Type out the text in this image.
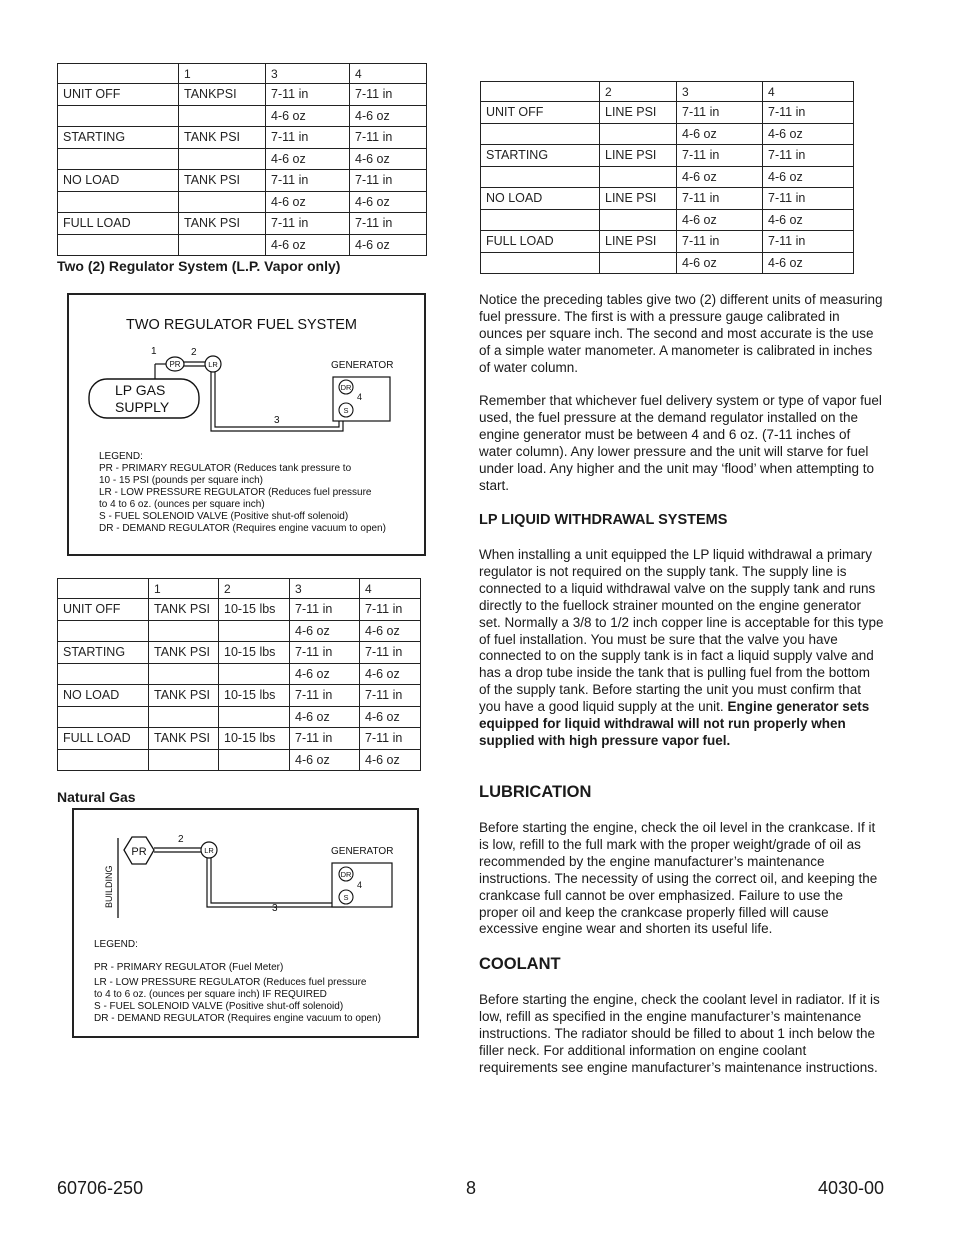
	1	3	4
UNIT OFF	TANKPSI	7-11 in	7-11 in
		4-6 oz	4-6 oz
STARTING	TANK PSI	7-11 in	7-11 in
		4-6 oz	4-6 oz
NO LOAD	TANK PSI	7-11 in	7-11 in
		4-6 oz	4-6 oz
FULL LOAD	TANK PSI	7-11 in	7-11 in
		4-6 oz	4-6 oz
Two (2) Regulator System (L.P. Vapor only)
TWO REGULATOR FUEL SYSTEM
1	2
3
PR	LR
LP GAS
SUPPLY
GENERATOR
DR
S
4
LEGEND:
PR - PRIMARY REGULATOR (Reduces tank pressure to
10 - 15 PSI (pounds per square inch)
LR - LOW PRESSURE REGULATOR (Reduces fuel pressure
to 4 to 6 oz. (ounces per square inch)
S - FUEL SOLENOID VALVE (Positive shut-off solenoid)
DR - DEMAND REGULATOR (Requires engine vacuum to open)
	1	2	3	4
UNIT OFF	TANK PSI	10-15 lbs	7-11 in	7-11 in
			4-6 oz	4-6 oz
STARTING	TANK PSI	10-15 lbs	7-11 in	7-11 in
			4-6 oz	4-6 oz
NO LOAD	TANK PSI	10-15 lbs	7-11 in	7-11 in
			4-6 oz	4-6 oz
FULL LOAD	TANK PSI	10-15 lbs	7-11 in	7-11 in
			4-6 oz	4-6 oz
Natural Gas
BUILDING
PR
2
3
LR	GENERATOR
DR
S
4
LEGEND:
PR - PRIMARY REGULATOR (Fuel Meter)
LR - LOW PRESSURE REGULATOR (Reduces fuel pressure
to 4 to 6 oz. (ounces per square inch) IF REQUIRED
S - FUEL SOLENOID VALVE (Positive shut-off solenoid)
DR - DEMAND REGULATOR (Requires engine vacuum to open)
	2	3	4
UNIT OFF	LINE PSI	7-11 in	7-11 in
		4-6 oz	4-6 oz
STARTING	LINE PSI	7-11 in	7-11 in
		4-6 oz	4-6 oz
NO LOAD	LINE PSI	7-11 in	7-11 in
		4-6 oz	4-6 oz
FULL LOAD	LINE PSI	7-11 in	7-11 in
		4-6 oz	4-6 oz

Notice the preceding tables give two (2) different units of measuring fuel pressure. The first is with a pressure gauge calibrated in ounces per square inch. The second and most accurate is the use of a simple water manometer. A manometer is calibrated in inches of water column.

Remember that whichever fuel delivery system or type of vapor fuel used, the fuel pressure at the demand regulator installed on the engine generator must be between 4 and 6 oz. (7-11 inches of water column). Any lower pressure and the unit will starve for fuel under load. Any higher and the unit may ‘flood’ when attempting to start.

LP LIQUID WITHDRAWAL SYSTEMS

When installing a unit equipped the LP liquid withdrawal a primary regulator is not required on the supply tank. The supply line is connected to a liquid withdrawal valve on the supply tank and runs directly to the fuellock strainer mounted on the engine generator set. Normally a 3/8 to 1/2 inch copper line is acceptable for this type of fuel installation. You must be sure that the valve you have connected to on the supply tank is in fact a liquid supply valve and has a drop tube inside the tank that is pulling fuel from the bottom of the supply tank. Before starting the unit you must confirm that you have a good liquid supply at the unit. Engine generator sets equipped for liquid withdrawal will not run properly when supplied with high pressure vapor fuel.

LUBRICATION

Before starting the engine, check the oil level in the crankcase. If it is low, refill to the full mark with the proper weight/grade of oil as recommended by the engine manufacturer’s maintenance instructions. The necessity of using the correct oil, and keeping the crankcase full cannot be over emphasized. Failure to use the proper oil and keep the crankcase properly filled will cause excessive engine wear and shorten its useful life.

COOLANT

Before starting the engine, check the coolant level in radiator. If it is low, refill as specified in the engine manufacturer’s maintenance instructions. The radiator should be filled to about 1 inch below the filler neck. For additional information on engine coolant requirements see engine manufacturer’s maintenance instructions.

60706-250	8	4030-00
